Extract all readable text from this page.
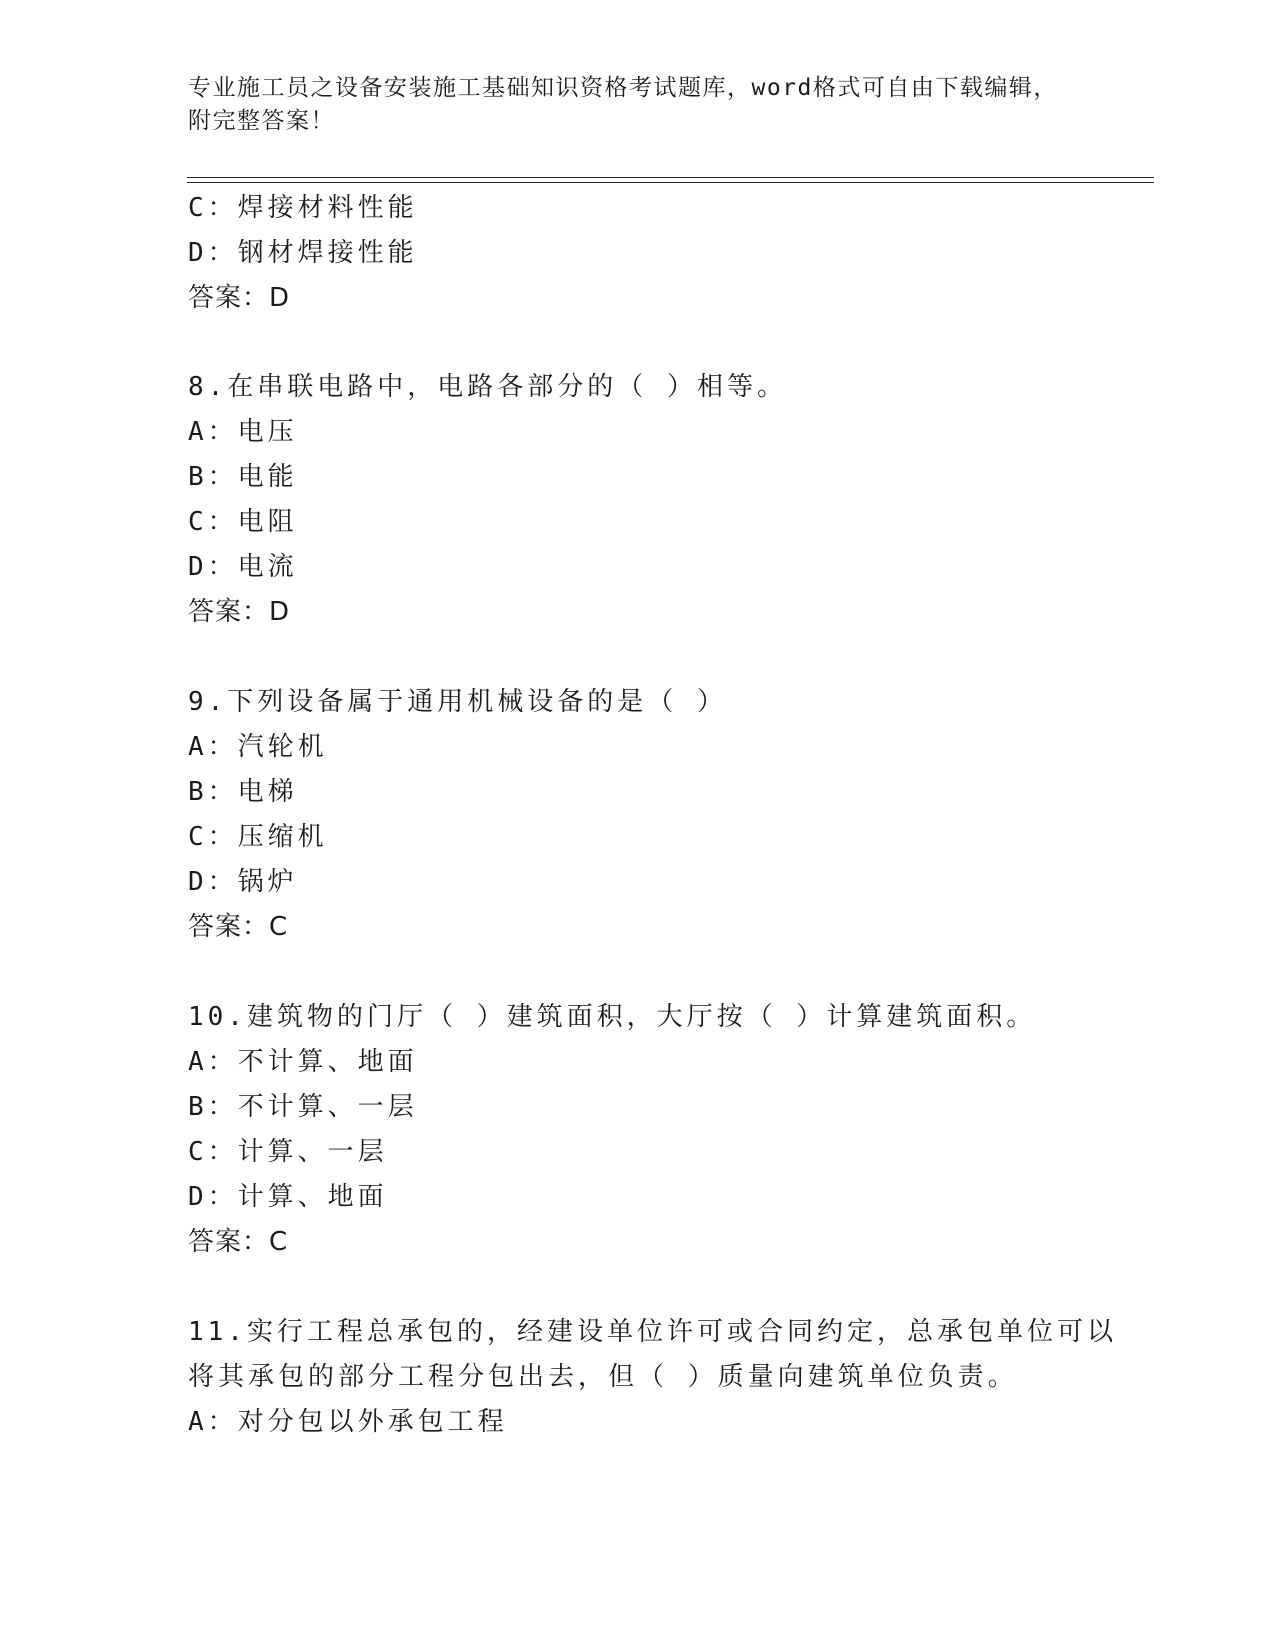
专业施工员之设备安装施工基础知识资格考试题库，word格式可自由下载编辑，
附完整答案！
C：焊接材料性能
D：钢材焊接性能
答案：D
8.在串联电路中，电路各部分的（ ）相等。
A：电压
B：电能
C：电阻
D：电流
答案：D
9.下列设备属于通用机械设备的是（ ）
A：汽轮机
B：电梯
C：压缩机
D：锅炉
答案：C
10.建筑物的门厅（ ）建筑面积，大厅按（ ）计算建筑面积。
A：不计算、地面
B：不计算、一层
C：计算、一层
D：计算、地面
答案：C
11.实行工程总承包的，经建设单位许可或合同约定，总承包单位可以
将其承包的部分工程分包出去，但（ ）质量向建筑单位负责。
A：对分包以外承包工程
